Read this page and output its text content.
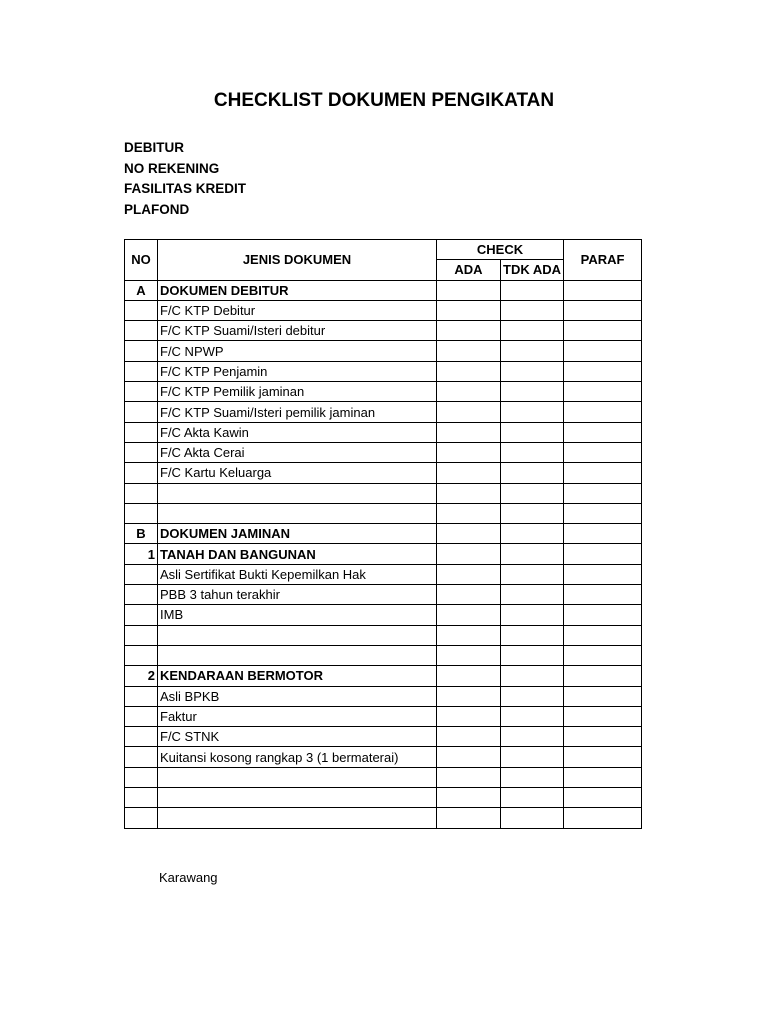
CHECKLIST DOKUMEN PENGIKATAN
DEBITUR
NO REKENING
FASILITAS KREDIT
PLAFOND
NO	JENIS DOKUMEN	CHECK		PARAF
		ADA	TDK ADA	
A	DOKUMEN DEBITUR			
	F/C KTP Debitur			
	F/C KTP Suami/Isteri debitur			
	F/C NPWP			
	F/C KTP Penjamin			
	F/C KTP Pemilik jaminan			
	F/C KTP Suami/Isteri pemilik jaminan			
	F/C Akta Kawin			
	F/C Akta Cerai			
	F/C Kartu Keluarga			

B	DOKUMEN JAMINAN			
1	TANAH DAN BANGUNAN			
	Asli Sertifikat Bukti Kepemilkan Hak			
	PBB 3 tahun terakhir			
	IMB			

2	KENDARAAN BERMOTOR			
	Asli BPKB			
	Faktur			
	F/C STNK			
	Kuitansi kosong rangkap 3 (1 bermaterai)			

Karawang
